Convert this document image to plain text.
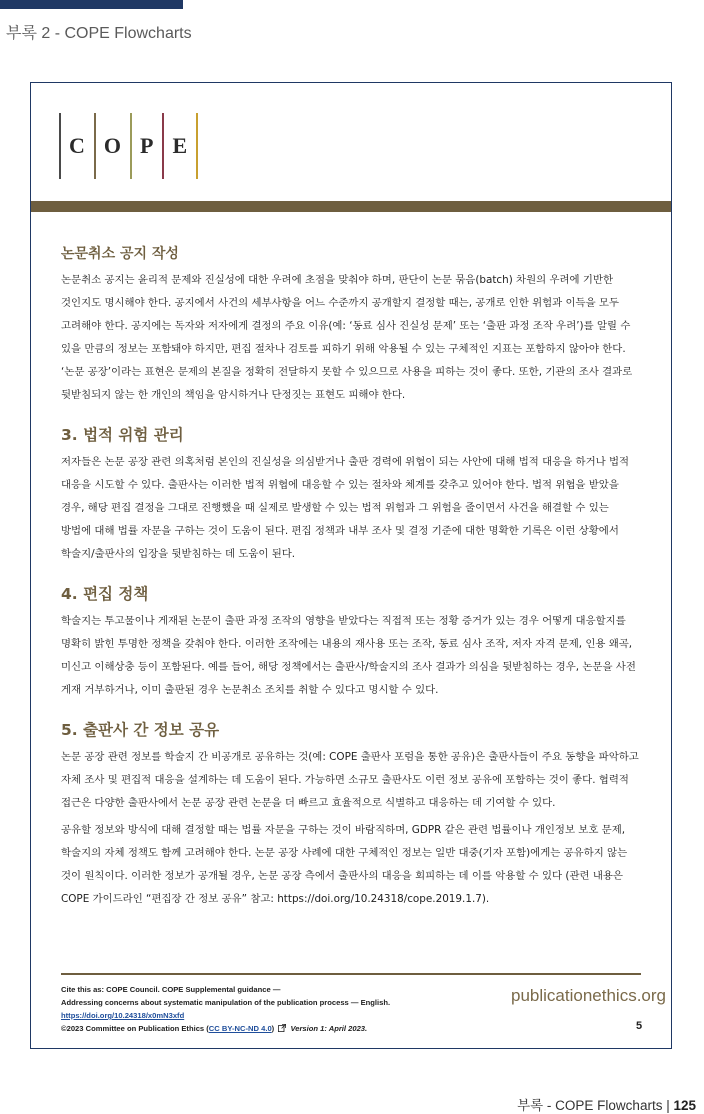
부록 2 - COPE Flowcharts
C O P E
논문취소 공지 작성

논문취소 공지는 윤리적 문제와 진실성에 대한 우려에 초점을 맞춰야 하며, 판단이 논문 묶음(batch) 차원의 우려에 기반한 것인지도 명시해야 한다. 공지에서 사건의 세부사항을 어느 수준까지 공개할지 결정할 때는, 공개로 인한 위험과 이득을 모두 고려해야 한다. 공지에는 독자와 저자에게 결정의 주요 이유(예: ‘동료 심사 진실성 문제’ 또는 ‘출판 과정 조작 우려’)를 알릴 수 있을 만큼의 정보는 포함돼야 하지만, 편집 절차나 검토를 피하기 위해 악용될 수 있는 구체적인 지표는 포함하지 않아야 한다. ‘논문 공장’이라는 표현은 문제의 본질을 정확히 전달하지 못할 수 있으므로 사용을 피하는 것이 좋다. 또한, 기관의 조사 결과로 뒷받침되지 않는 한 개인의 책임을 암시하거나 단정짓는 표현도 피해야 한다.

3. 법적 위험 관리

저자들은 논문 공장 관련 의혹처럼 본인의 진실성을 의심받거나 출판 경력에 위협이 되는 사안에 대해 법적 대응을 하거나 법적 대응을 시도할 수 있다. 출판사는 이러한 법적 위협에 대응할 수 있는 절차와 체계를 갖추고 있어야 한다. 법적 위협을 받았을 경우, 해당 편집 결정을 그대로 진행했을 때 실제로 발생할 수 있는 법적 위험과 그 위험을 줄이면서 사건을 해결할 수 있는 방법에 대해 법률 자문을 구하는 것이 도움이 된다. 편집 정책과 내부 조사 및 결정 기준에 대한 명확한 기록은 이런 상황에서 학술지/출판사의 입장을 뒷받침하는 데 도움이 된다.

4. 편집 정책

학술지는 투고물이나 게재된 논문이 출판 과정 조작의 영향을 받았다는 직접적 또는 정황 증거가 있는 경우 어떻게 대응할지를 명확히 밝힌 투명한 정책을 갖춰야 한다. 이러한 조작에는 내용의 재사용 또는 조작, 동료 심사 조작, 저자 자격 문제, 인용 왜곡, 미신고 이해상충 등이 포함된다. 예를 들어, 해당 정책에서는 출판사/학술지의 조사 결과가 의심을 뒷받침하는 경우, 논문을 사전 게재 거부하거나, 이미 출판된 경우 논문취소 조치를 취할 수 있다고 명시할 수 있다.

5. 출판사 간 정보 공유

논문 공장 관련 정보를 학술지 간 비공개로 공유하는 것(예: COPE 출판사 포럼을 통한 공유)은 출판사들이 주요 동향을 파악하고 자체 조사 및 편집적 대응을 설계하는 데 도움이 된다. 가능하면 소규모 출판사도 이런 정보 공유에 포함하는 것이 좋다. 협력적 접근은 다양한 출판사에서 논문 공장 관련 논문을 더 빠르고 효율적으로 식별하고 대응하는 데 기여할 수 있다.

공유할 정보와 방식에 대해 결정할 때는 법률 자문을 구하는 것이 바람직하며, GDPR 같은 관련 법률이나 개인정보 보호 문제, 학술지의 자체 정책도 함께 고려해야 한다. 논문 공장 사례에 대한 구체적인 정보는 일반 대중(기자 포함)에게는 공유하지 않는 것이 원칙이다. 이러한 정보가 공개될 경우, 논문 공장 측에서 출판사의 대응을 회피하는 데 이를 악용할 수 있다 (관련 내용은 COPE 가이드라인 “편집장 간 정보 공유” 참고: https://doi.org/10.24318/cope.2019.1.7).

Cite this as: COPE Council. COPE Supplemental guidance —
Addressing concerns about systematic manipulation of the publication process — English.
https://doi.org/10.24318/x0mN3xfd
publicationethics.org
©2023 Committee on Publication Ethics (CC BY-NC-ND 4.0) Version 1: April 2023.	5
부록 - COPE Flowcharts | 125
